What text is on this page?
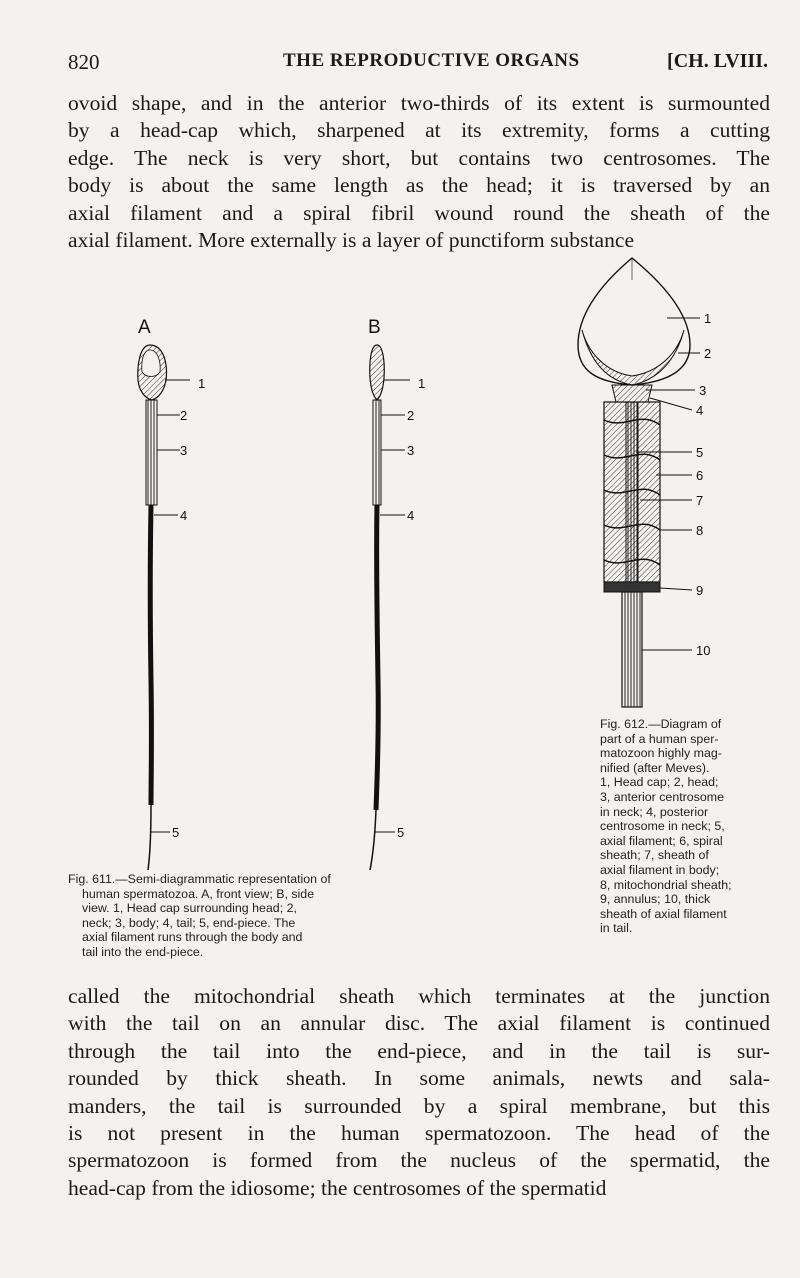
820	THE REPRODUCTIVE ORGANS	[CH. LVIII.
ovoid shape, and in the anterior two-thirds of its extent is surmounted
by a head-cap which, sharpened at its extremity, forms a cutting
edge. The neck is very short, but contains two centrosomes. The
body is about the same length as the head; it is traversed by an
axial filament and a spiral fibril wound round the sheath of the
axial filament. More externally is a layer of punctiform substance
A
1
2
3
4
5
B
1
2
3
4
5
1
2
3
4
5
6
7
8
9
10
Fig. 611.—Semi-diagrammatic representation of
human spermatozoa. A, front view; B, side
view. 1, Head cap surrounding head; 2,
neck; 3, body; 4, tail; 5, end-piece. The
axial filament runs through the body and
tail into the end-piece.
Fig. 612.—Diagram of
part of a human sper-
matozoon highly mag-
nified (after Meves).
1, Head cap; 2, head;
3, anterior centrosome
in neck; 4, posterior
centrosome in neck; 5,
axial filament; 6, spiral
sheath; 7, sheath of
axial filament in body;
8, mitochondrial sheath;
9, annulus; 10, thick
sheath of axial filament
in tail.
called the mitochondrial sheath which terminates at the junction
with the tail on an annular disc. The axial filament is continued
through the tail into the end-piece, and in the tail is sur-
rounded by thick sheath. In some animals, newts and sala-
manders, the tail is surrounded by a spiral membrane, but this
is not present in the human spermatozoon. The head of the
spermatozoon is formed from the nucleus of the spermatid, the
head-cap from the idiosome; the centrosomes of the spermatid
